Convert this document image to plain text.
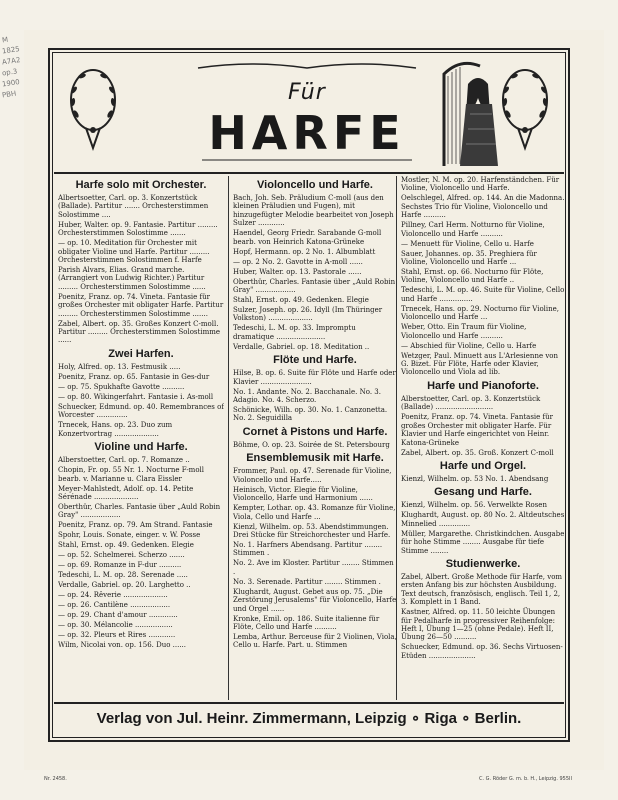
M
1825
A7A2
op.3
1900
PBH	Für
HARFE
Harfe solo mit Orchester.
Albertsoetter, Carl. op. 3. Konzertstück (Ballade). Partitur ....... Orchesterstimmen Solostimme ....
Huber, Walter. op. 9. Fantasie. Partitur ......... Orchesterstimmen Solostimme .......
— op. 10. Meditation für Orchester mit obligater Violine und Harfe. Partitur ......... Orchesterstimmen Solostimmen f. Harfe
Parish Alvars, Elias. Grand marche. (Arrangiert von Ludwig Richter.) Partitur ......... Orchesterstimmen Solostimme ......
Poenitz, Franz. op. 74. Vineta. Fantasie für großes Orchester mit obligater Harfe. Partitur ......... Orchesterstimmen Solostimme .......
Zabel, Albert. op. 35. Großes Konzert C-moll. Partitur ......... Orchesterstimmen Solostimme ......
Zwei Harfen.
Holy, Alfred. op. 13. Festmusik .....
Poenitz, Franz. op. 65. Fantasie in Ges-dur
— op. 75. Spukhafte Gavotte ..........
— op. 80. Wikingerfahrt. Fantasie i. As-moll
Schuecker, Edmund. op. 40. Remembrances of Worcester ..............
Trnecek, Hans. op. 23. Duo zum Konzertvortrag ....................
Violine und Harfe.
Alberstoetter, Carl. op. 7. Romanze ..
Chopin, Fr. op. 55 Nr. 1. Nocturne F-moll bearb. v. Marianne u. Clara Eissler
Meyer-Mahlstedt, Adolf. op. 14. Petite Sérénade ....................
Oberthür, Charles. Fantasie über „Auld Robin Gray" ..................
Poenitz, Franz. op. 79. Am Strand. Fantasie
Spohr, Louis. Sonate, einger. v. W. Posse
Stahl, Ernst. op. 49. Gedenken. Elegie
— op. 52. Schelmerei. Scherzo .......
— op. 69. Romanze in F-dur ..........
Tedeschi, L. M. op. 28. Serenade .....
Verdalle, Gabriel. op. 20. Larghetto ..
— op. 24. Rêverie ....................
— op. 26. Cantilène ..................
— op. 29. Chant d'amour .............
— op. 30. Mélancolie .................
— op. 32. Pleurs et Rires ............
Wilm, Nicolai von. op. 156. Duo ......
Violoncello und Harfe.
Bach, Joh. Seb. Präludium C-moll (aus den kleinen Präludien und Fugen), mit hinzugefügter Melodie bearbeitet von Joseph Sulzer ............
Haendel, Georg Friedr. Sarabande G-moll bearb. von Heinrich Katona-Grüneke
Hopf, Hermann. op. 2 No. 1. Albumblatt
— op. 2 No. 2. Gavotte in A-moll ......
Huber, Walter. op. 13. Pastorale ......
Oberthür, Charles. Fantasie über „Auld Robin Gray" ..................
Stahl, Ernst. op. 49. Gedenken. Elegie
Sulzer, Joseph. op. 26. Idyll (Im Thüringer Volkston) ....................
Tedeschi, L. M. op. 33. Impromptu dramatique ......................
Verdalle, Gabriel. op. 18. Meditation ..
Flöte und Harfe.
Hilse, B. op. 6. Suite für Flöte und Harfe oder Klavier .......................
No. 1. Andante. No. 2. Bacchanale. No. 3. Adagio. No. 4. Scherzo.
Schönicke, Wilh. op. 30. No. 1. Canzonetta. No. 2. Seguidilla
Cornet à Pistons und Harfe.
Böhme, O. op. 23. Soirée de St. Petersbourg
Ensemblemusik mit Harfe.
Frommer, Paul. op. 47. Serenade für Violine, Violoncello und Harfe.....
Heinisch, Victor. Elegie für Violine, Violoncello, Harfe und Harmonium ......
Kempter, Lothar. op. 43. Romanze für Violine, Viola, Cello und Harfe ...
Kienzl, Wilhelm. op. 53. Abendstimmungen. Drei Stücke für Streichorchester und Harfe.
No. 1. Harfners Abendsang. Partitur ........ Stimmen .
No. 2. Ave im Kloster. Partitur ........ Stimmen .
No. 3. Serenade. Partitur ........ Stimmen .
Klughardt, August. Gebet aus op. 75. „Die Zerstörung Jerusalems" für Violoncello, Harfe und Orgel ......
Kronke, Emil. op. 186. Suite italienne für Flöte, Cello und Harfe ..........
Lemba, Arthur. Berceuse für 2 Violinen, Viola, Cello u. Harfe. Part. u. Stimmen
Mostler, N. M. op. 20. Harfenständchen. Für Violine, Violoncello und Harfe.
Oelschlegel, Alfred. op. 144. An die Madonna. Sechstes Trio für Violine, Violoncello und Harfe ..........
Pillney, Carl Herm. Notturno für Violine, Violoncello und Harfe ..........
— Menuett für Violine, Cello u. Harfe
Sauer, Johannes. op. 35. Preghiera für Violine, Violoncello und Harfe ...
Stahl, Ernst. op. 66. Nocturno für Flöte, Violine, Violoncello und Harfe ..
Tedeschi, L. M. op. 46. Suite für Violine, Cello und Harfe ...............
Trnecek, Hans. op. 29. Nocturno für Violine, Violoncello und Harfe ...
Weber, Otto. Ein Traum für Violine, Violoncello und Harfe ..........
— Abschied für Violine, Cello u. Harfe
Wetzger, Paul. Minuett aus L'Arlesienne von G. Bizet. Für Flöte, Harfe oder Klavier, Violoncello und Viola ad lib.
Harfe und Pianoforte.
Alberstoetter, Carl. op. 3. Konzertstück (Ballade) ..........................
Poenitz, Franz. op. 74. Vineta. Fantasie für großes Orchester mit obligater Harfe. Für Klavier und Harfe eingerichtet von Heinr. Katona-Grüneke
Zabel, Albert. op. 35. Groß. Konzert C-moll
Harfe und Orgel.
Kienzl, Wilhelm. op. 53 No. 1. Abendsang
Gesang und Harfe.
Kienzl, Wilhelm. op. 56. Verwelkte Rosen
Klughardt, August. op. 80 No. 2. Altdeutsches Minnelied ..............
Müller, Margarethe. Christkindchen. Ausgabe für hohe Stimme ........ Ausgabe für tiefe Stimme ........
Studienwerke.
Zabel, Albert. Große Methode für Harfe, vom ersten Anfang bis zur höchsten Ausbildung. Text deutsch, französisch, englisch. Teil 1, 2, 3. Komplett in 1 Band.
Kastner, Alfred. op. 11. 50 leichte Übungen für Pedalharfe in progressiver Reihenfolge: Heft I, Übung 1—25 (ohne Pedale). Heft II, Übung 26—50 ..........
Schuecker, Edmund. op. 36. Sechs Virtuosen-Etüden .....................
Verlag von Jul. Heinr. Zimmermann, Leipzig ∘ Riga ∘ Berlin.
Nr. 2458.	C. G. Röder G. m. b. H., Leipzig. 955II
